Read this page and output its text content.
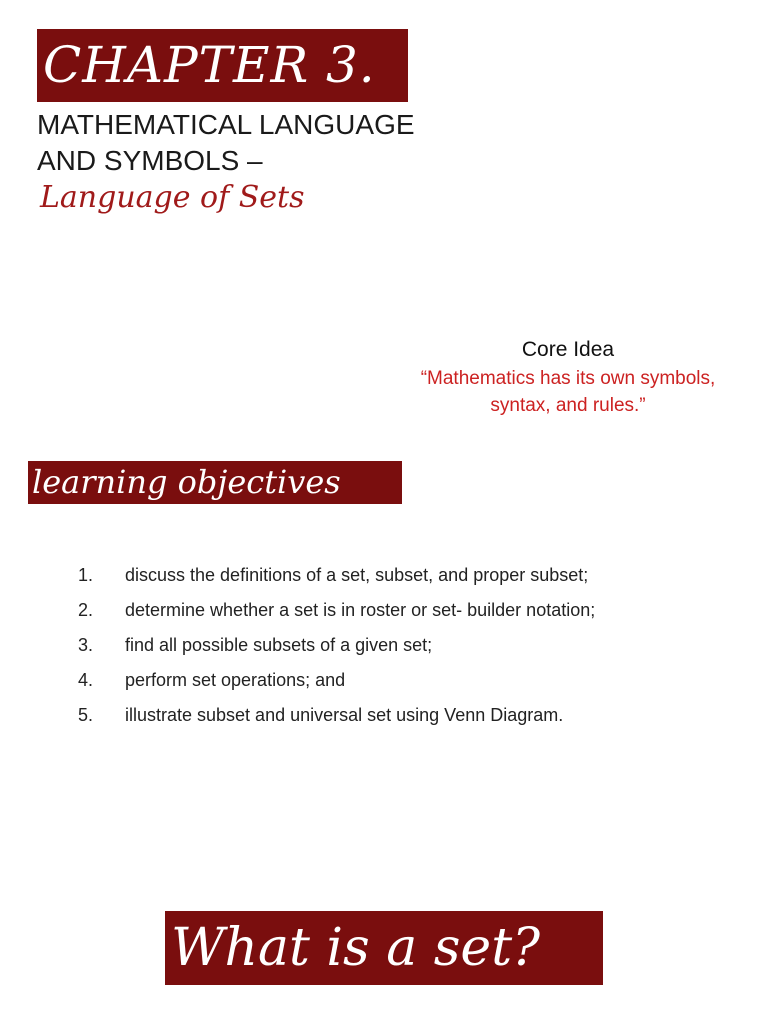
CHAPTER 3.
MATHEMATICAL LANGUAGE
AND SYMBOLS –
Language of Sets
Core Idea
“Mathematics has its own symbols, syntax, and rules.”
learning objectives
1.	discuss the definitions of a set, subset, and proper subset;
2.	determine whether a set is in roster or set- builder notation;
3.	find all possible subsets of a given set;
4.	perform set operations; and
5.	illustrate subset and universal set using Venn Diagram.
What is a set?
